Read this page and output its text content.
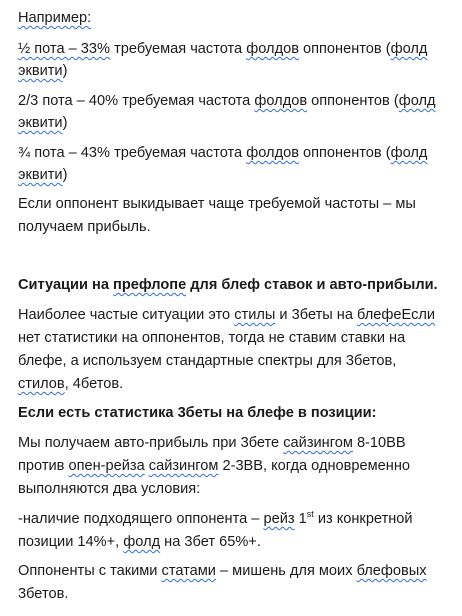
Например:
½ пота – 33% требуемая частота фолдов оппонентов (фолд
эквити)
2/3 пота – 40% требуемая частота фолдов оппонентов (фолд
эквити)
¾ пота – 43% требуемая частота фолдов оппонентов (фолд
эквити)
Если оппонент выкидывает чаще требуемой частоты – мы
получаем прибыль.
Ситуации на префлопе для блеф ставок и авто-прибыли.
Наиболее частые ситуации это стилы и 3беты на блефеЕсли
нет статистики на оппонентов, тогда не ставим ставки на
блефе, а используем стандартные спектры для 3бетов,
стилов, 4бетов.
Если есть статистика 3беты на блефе в позиции:
Мы получаем авто-прибыль при 3бете сайзингом 8-10BB
против опен-рейза сайзингом 2-3BB, когда одновременно
выполняются два условия:
-наличие подходящего оппонента – рейз 1st из конкретной
позиции 14%+, фолд на 3бет 65%+.
Оппоненты с такими статами – мишень для моих блефовых
3бетов.
